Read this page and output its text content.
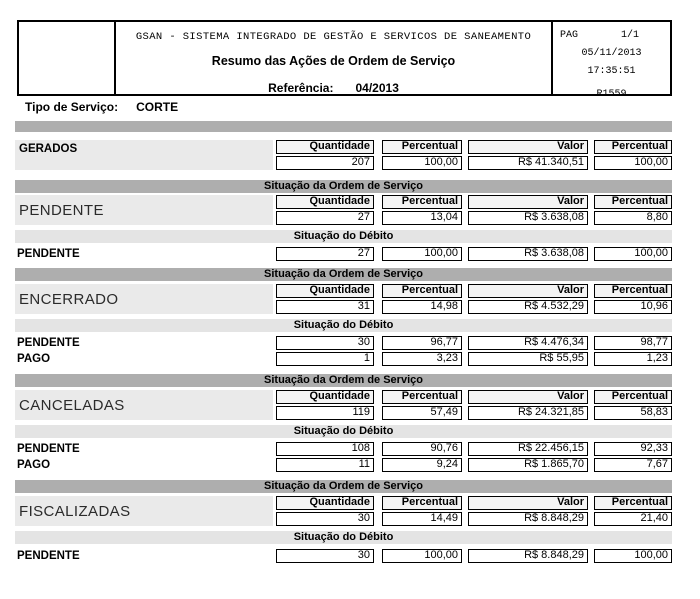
GSAN - SISTEMA INTEGRADO DE GESTÃO E SERVICOS DE SANEAMENTO
Resumo das Ações de Ordem de Serviço
Referência: 04/2013
PAG	1/1
05/11/2013
17:35:51
R1559
Tipo de Serviço: CORTE
GERADOS	Quantidade	Percentual	Valor	Percentual
207	100,00	R$ 41.340,51	100,00
Situação da Ordem de Serviço
PENDENTE
Quantidade	Percentual	Valor	Percentual
27	13,04	R$ 3.638,08	8,80
Situação do Débito
PENDENTE	27	100,00	R$ 3.638,08	100,00
Situação da Ordem de Serviço
ENCERRADO
Quantidade	Percentual	Valor	Percentual
31	14,98	R$ 4.532,29	10,96
Situação do Débito
PENDENTE	30	96,77	R$ 4.476,34	98,77
PAGO	1	3,23	R$ 55,95	1,23
Situação da Ordem de Serviço
CANCELADAS
Quantidade	Percentual	Valor	Percentual
119	57,49	R$ 24.321,85	58,83
Situação do Débito
PENDENTE	108	90,76	R$ 22.456,15	92,33
PAGO	11	9,24	R$ 1.865,70	7,67
Situação da Ordem de Serviço
FISCALIZADAS
Quantidade	Percentual	Valor	Percentual
30	14,49	R$ 8.848,29	21,40
Situação do Débito
PENDENTE	30	100,00	R$ 8.848,29	100,00
